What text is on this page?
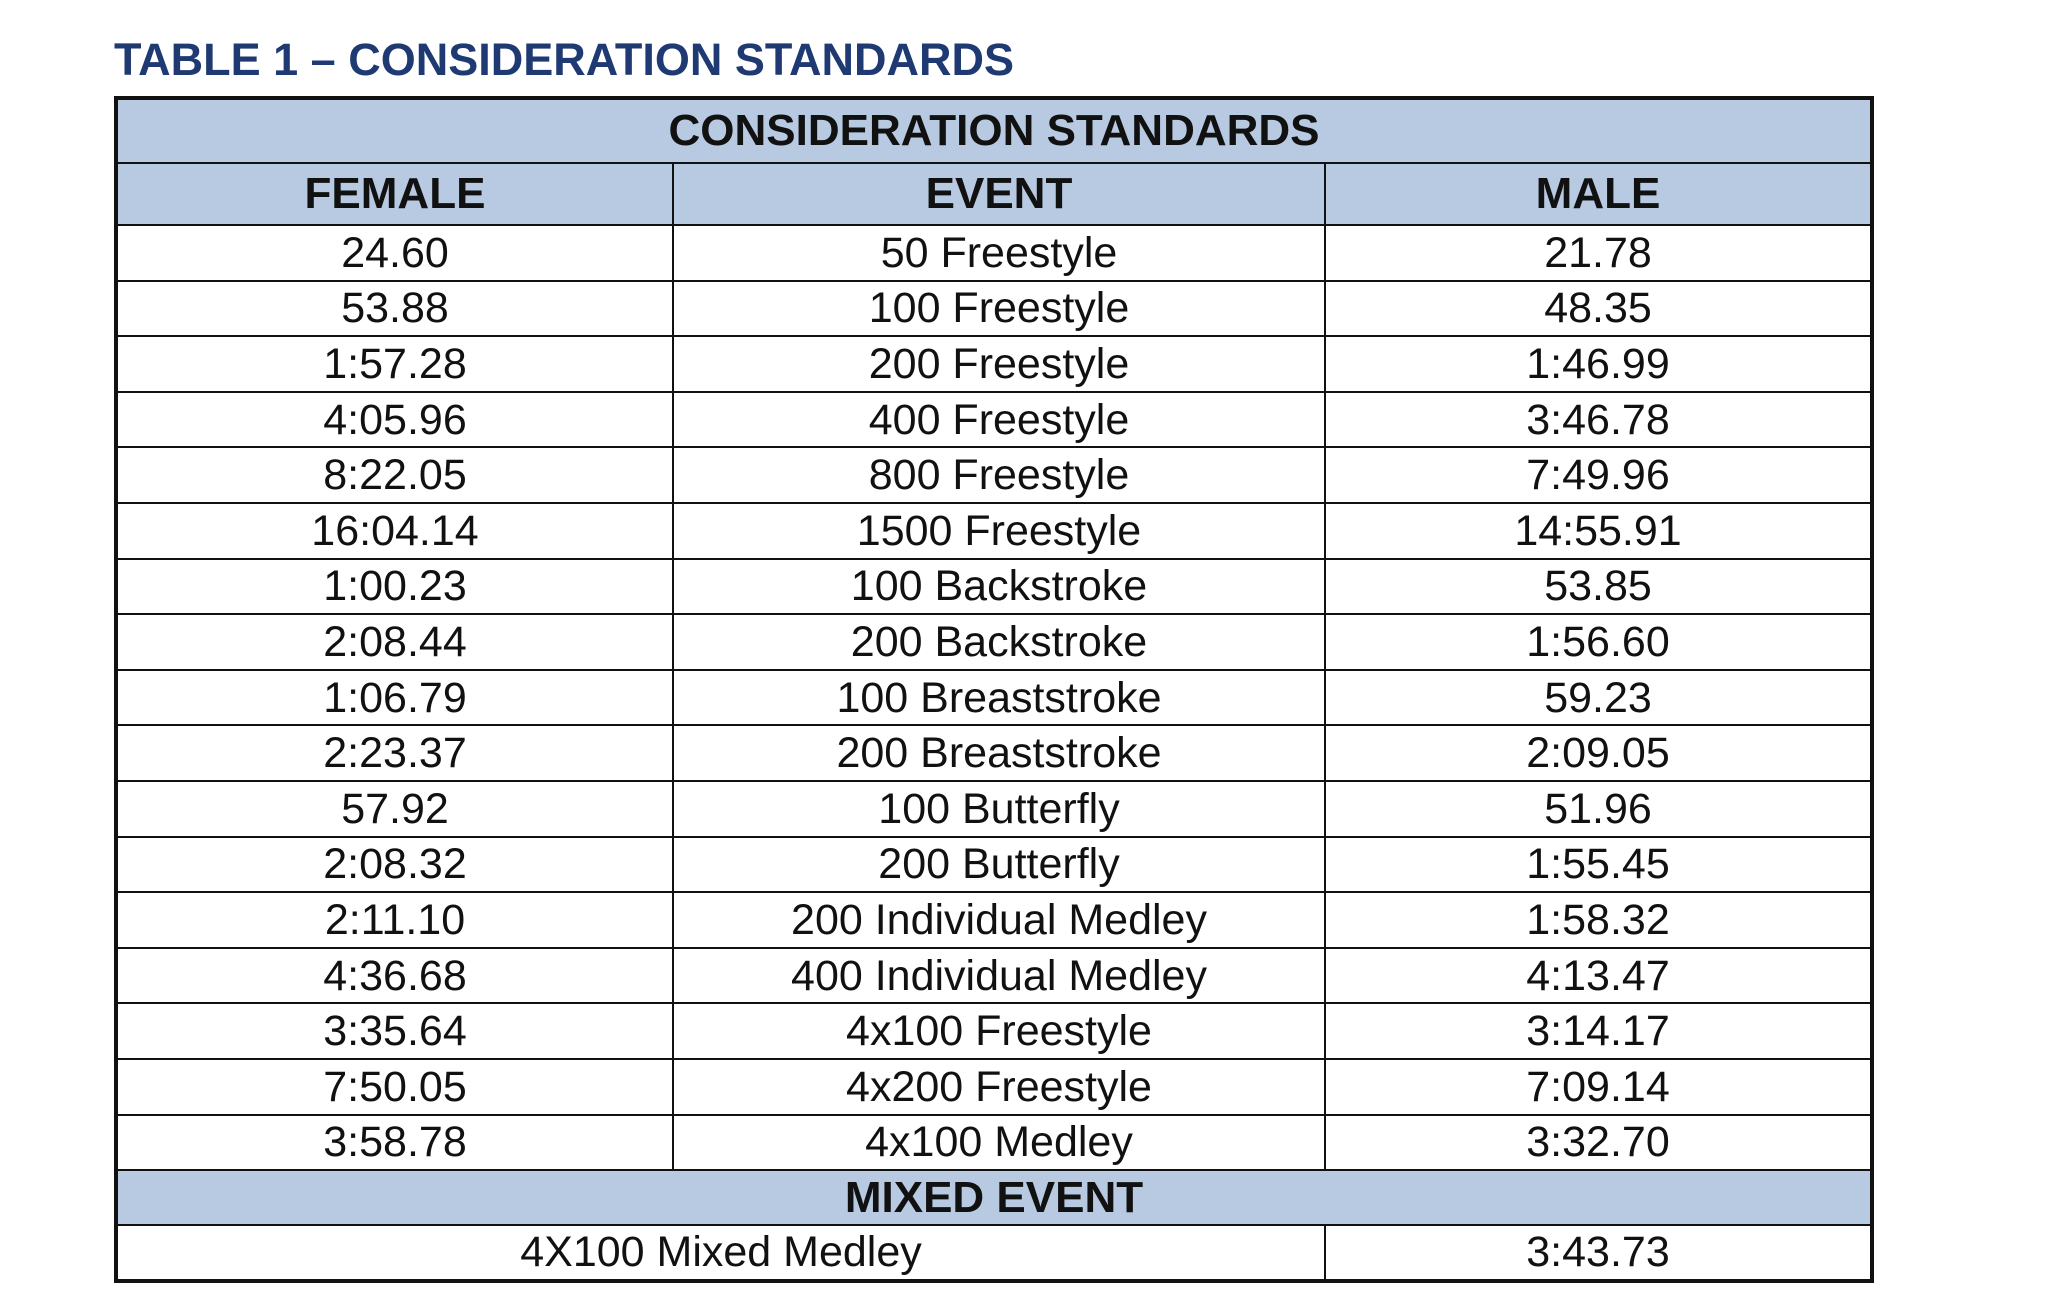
TABLE 1 – CONSIDERATION STANDARDS
CONSIDERATION STANDARDS		
FEMALE	EVENT	MALE
24.60	50 Freestyle	21.78
53.88	100 Freestyle	48.35
1:57.28	200 Freestyle	1:46.99
4:05.96	400 Freestyle	3:46.78
8:22.05	800 Freestyle	7:49.96
16:04.14	1500 Freestyle	14:55.91
1:00.23	100 Backstroke	53.85
2:08.44	200 Backstroke	1:56.60
1:06.79	100 Breaststroke	59.23
2:23.37	200 Breaststroke	2:09.05
57.92	100 Butterfly	51.96
2:08.32	200 Butterfly	1:55.45
2:11.10	200 Individual Medley	1:58.32
4:36.68	400 Individual Medley	4:13.47
3:35.64	4x100 Freestyle	3:14.17
7:50.05	4x200 Freestyle	7:09.14
3:58.78	4x100 Medley	3:32.70
MIXED EVENT		
4X100 Mixed Medley		3:43.73
